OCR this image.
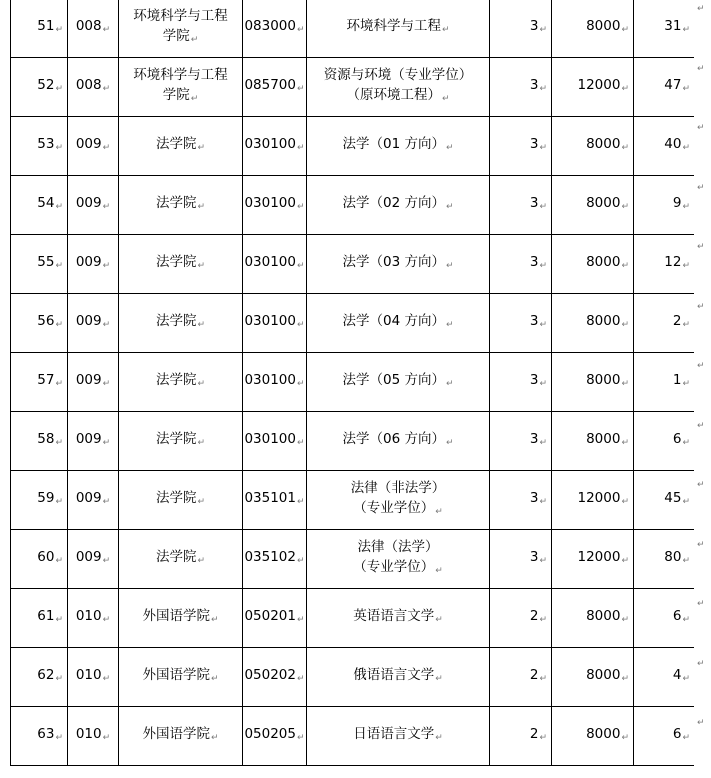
51↵	008↵	环境科学与工程
学院↵	083000↵	环境科学与工程↵	3↵	8000↵	31↵
52↵	008↵	环境科学与工程
学院↵	085700↵	资源与环境（专业学位）
（原环境工程）↵	3↵	12000↵	47↵
53↵	009↵	法学院↵	030100↵	法学（01 方向）↵	3↵	8000↵	40↵
54↵	009↵	法学院↵	030100↵	法学（02 方向）↵	3↵	8000↵	9↵
55↵	009↵	法学院↵	030100↵	法学（03 方向）↵	3↵	8000↵	12↵
56↵	009↵	法学院↵	030100↵	法学（04 方向）↵	3↵	8000↵	2↵
57↵	009↵	法学院↵	030100↵	法学（05 方向）↵	3↵	8000↵	1↵
58↵	009↵	法学院↵	030100↵	法学（06 方向）↵	3↵	8000↵	6↵
59↵	009↵	法学院↵	035101↵	法律（非法学）
（专业学位）↵	3↵	12000↵	45↵
60↵	009↵	法学院↵	035102↵	法律（法学）
（专业学位）↵	3↵	12000↵	80↵
61↵	010↵	外国语学院↵	050201↵	英语语言文学↵	2↵	8000↵	6↵
62↵	010↵	外国语学院↵	050202↵	俄语语言文学↵	2↵	8000↵	4↵
63↵	010↵	外国语学院↵	050205↵	日语语言文学↵	2↵	8000↵	6↵
↵
↵
↵
↵
↵
↵
↵
↵
↵
↵
↵
↵
↵
